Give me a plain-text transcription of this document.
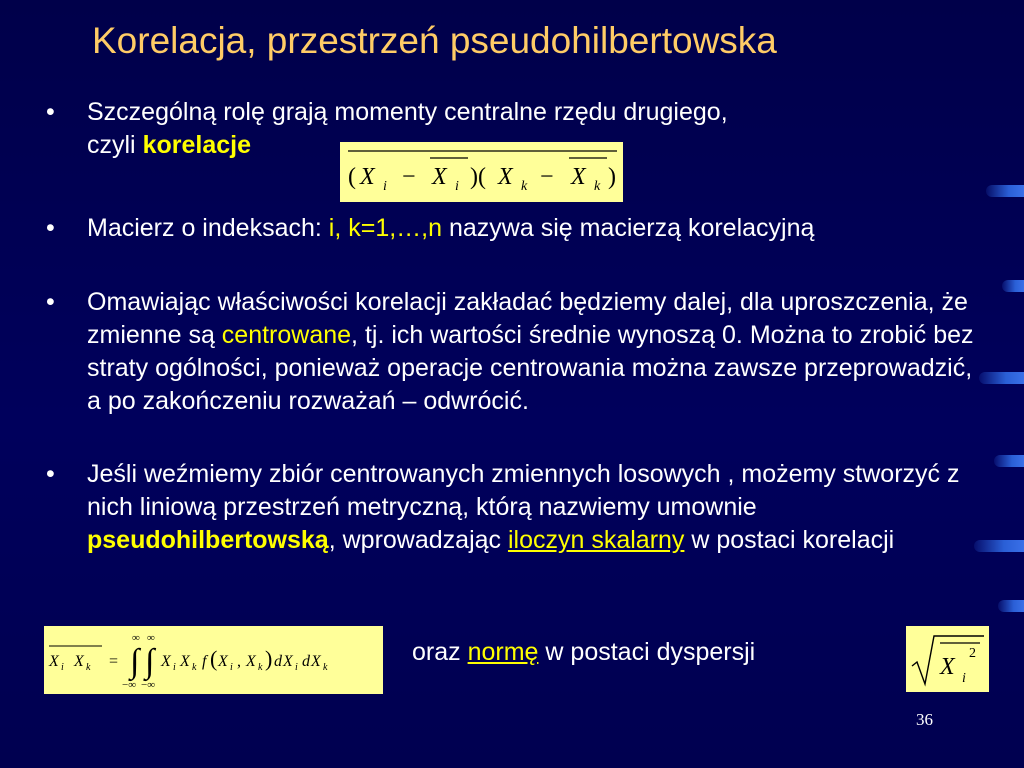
Korelacja, przestrzeń pseudohilbertowska
• Szczególną rolę grają momenty centralne rzędu drugiego,
czyli korelacje
• Macierz o indeksach: i, k=1,…,n nazywa się macierzą korelacyjną
• Omawiając właściwości korelacji zakładać będziemy dalej, dla uproszczenia, że zmienne są centrowane, tj. ich wartości średnie wynoszą 0. Można to zrobić bez straty ogólności, ponieważ operacje centrowania można zawsze przeprowadzić, a po zakończeniu rozważań – odwrócić.
• Jeśli weźmiemy zbiór centrowanych zmiennych losowych , możemy stworzyć z nich liniową przestrzeń metryczną, którą nazwiemy umownie pseudohilbertowską, wprowadzając iloczyn skalarny w postaci korelacji
( X i − X i )( X k − X k )
X i X k =
∞ ∞
∫ ∫
−∞ −∞
X i X k f ( X i , X k ) d X i d X k
oraz normę w postaci dyspersji
X i
2
36
